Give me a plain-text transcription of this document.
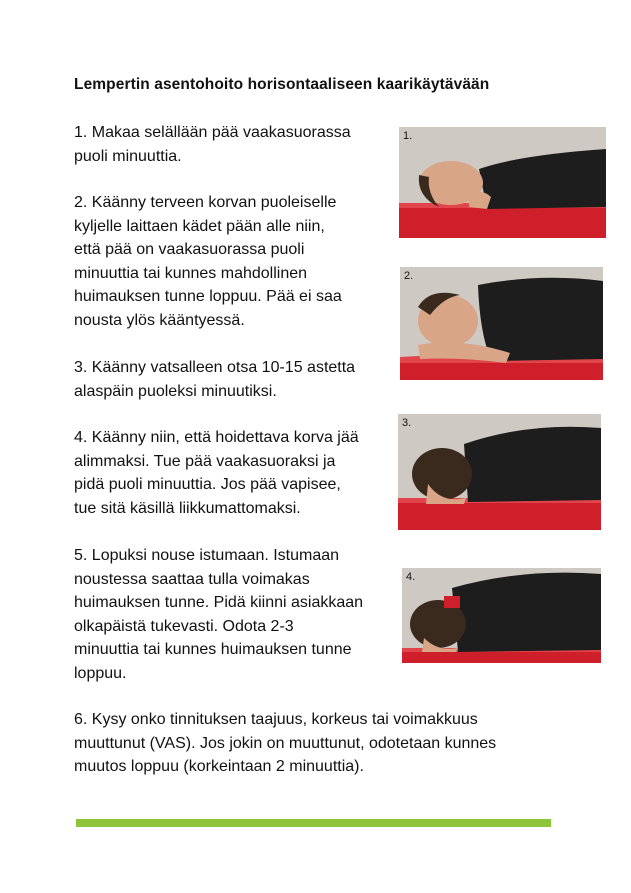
Lempertin asentohoito horisontaaliseen kaarikäytävään

1. Makaa selällään pää vaakasuorassa
puoli minuuttia.

2. Käänny terveen korvan puoleiselle
kyljelle laittaen kädet pään alle niin,
että pää on vaakasuorassa puoli
minuuttia tai kunnes mahdollinen
huimauksen tunne loppuu. Pää ei saa
nousta ylös kääntyessä.

3. Käänny vatsalleen otsa 10-15 astetta
alaspäin puoleksi minuutiksi.

4. Käänny niin, että hoidettava korva jää
alimmaksi. Tue pää vaakasuoraksi ja
pidä puoli minuuttia. Jos pää vapisee,
tue sitä käsillä liikkumattomaksi.

5. Lopuksi nouse istumaan. Istumaan
noustessa saattaa tulla voimakas
huimauksen tunne. Pidä kiinni asiakkaan
olkapäistä tukevasti. Odota 2-3
minuuttia tai kunnes huimauksen tunne
loppuu.

6. Kysy onko tinnituksen taajuus, korkeus tai voimakkuus
muuttunut (VAS). Jos jokin on muuttunut, odotetaan kunnes
muutos loppuu (korkeintaan 2 minuuttia).

1.
2.
3.
4.
